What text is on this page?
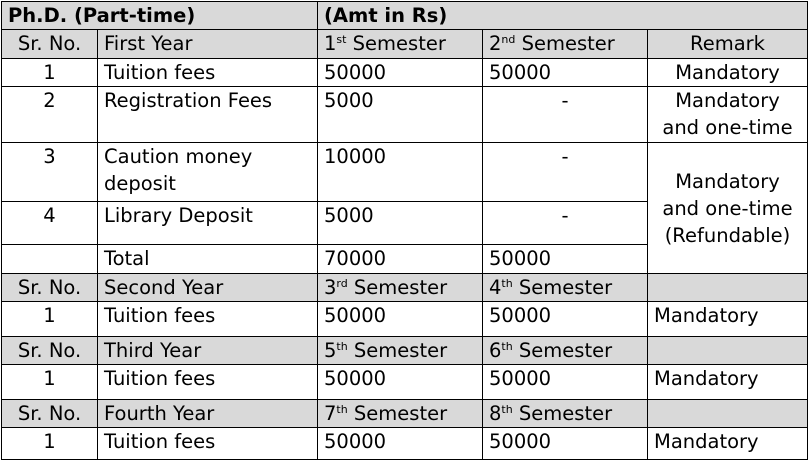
Ph.D. (Part-time)		(Amt in Rs)		
Sr. No.	First Year	1st Semester	2nd Semester	Remark
1	Tuition fees	50000	50000	Mandatory
2	Registration Fees	5000	-	Mandatory and one-time
3	Caution money deposit	10000	-	Mandatory and one-time (Refundable)
4	Library Deposit	5000	-	
	Total	70000	50000	
Sr. No.	Second Year	3rd Semester	4th Semester	
1	Tuition fees	50000	50000	Mandatory
Sr. No.	Third Year	5th Semester	6th Semester	
1	Tuition fees	50000	50000	Mandatory
Sr. No.	Fourth Year	7th Semester	8th Semester	
1	Tuition fees	50000	50000	Mandatory
